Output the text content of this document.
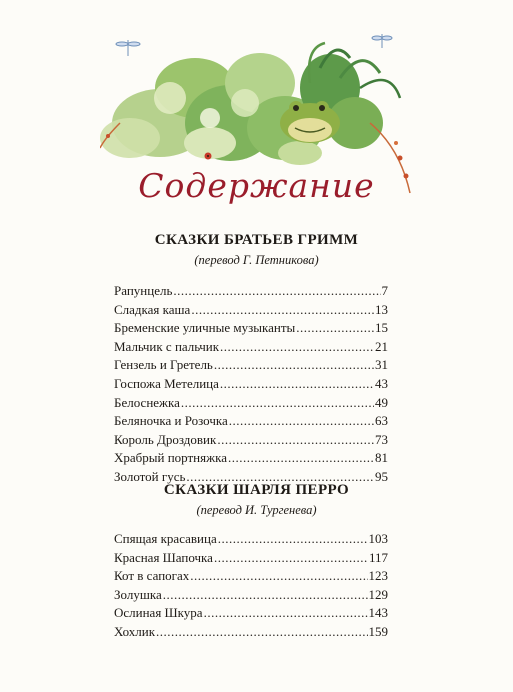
Содержание
СКАЗКИ БРАТЬЕВ ГРИММ
(перевод Г. Петникова)
Рапунцель .....	7
Сладкая каша .....	13
Бременские уличные музыканты .....	15
Мальчик с пальчик .....	21
Гензель и Гретель .....	31
Госпожа Метелица .....	43
Белоснежка .....	49
Беляночка и Розочка .....	63
Король Дроздовик .....	73
Храбрый портняжка .....	81
Золотой гусь .....	95
СКАЗКИ ШАРЛЯ ПЕРРО
(перевод И. Тургенева)
Спящая красавица .....	103
Красная Шапочка .....	117
Кот в сапогах .....	123
Золушка .....	129
Ослиная Шкура .....	143
Хохлик .....	159
